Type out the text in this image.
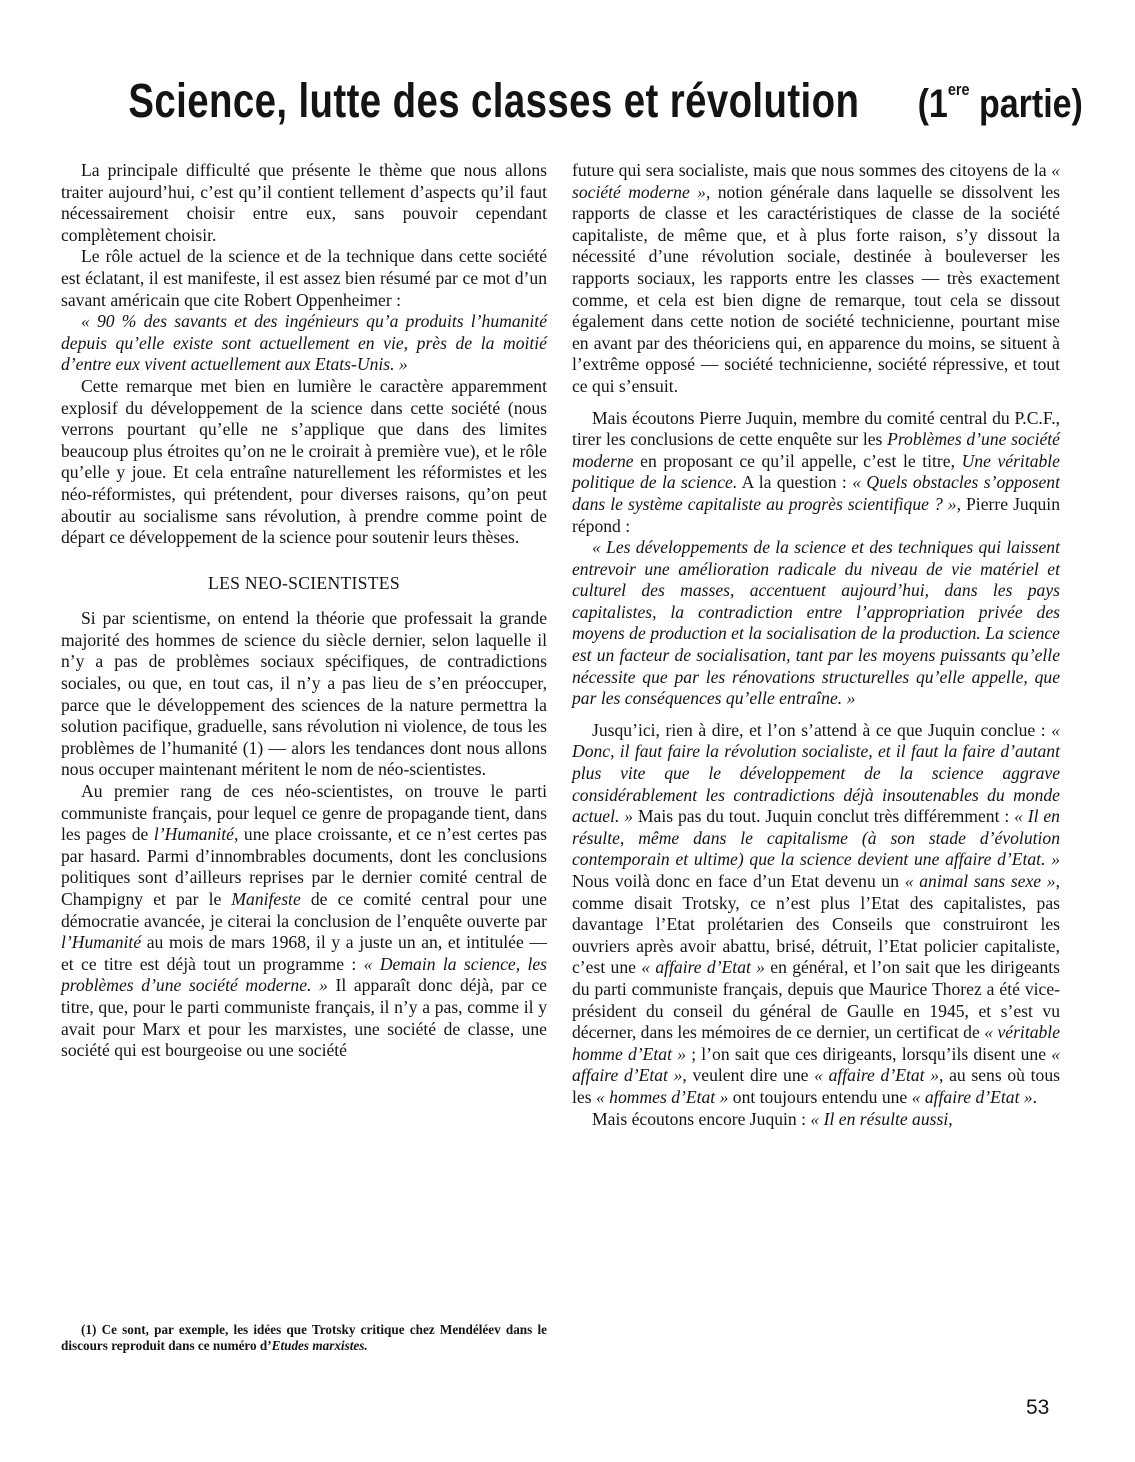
Science, lutte des classes et révolution (1ere partie)

La principale difficulté que présente le thème que nous allons traiter aujourd’hui, c’est qu’il contient tellement d’aspects qu’il faut nécessairement choisir entre eux, sans pouvoir cependant complètement choisir.

Le rôle actuel de la science et de la technique dans cette société est éclatant, il est manifeste, il est assez bien résumé par ce mot d’un savant américain que cite Robert Oppenheimer :

« 90 % des savants et des ingénieurs qu’a produits l’humanité depuis qu’elle existe sont actuellement en vie, près de la moitié d’entre eux vivent actuellement aux Etats-Unis. »

Cette remarque met bien en lumière le caractère apparemment explosif du développement de la science dans cette société (nous verrons pourtant qu’elle ne s’applique que dans des limites beaucoup plus étroites qu’on ne le croirait à première vue), et le rôle qu’elle y joue. Et cela entraîne naturellement les réformistes et les néo-réformistes, qui prétendent, pour diverses raisons, qu’on peut aboutir au socialisme sans révolution, à prendre comme point de départ ce développement de la science pour soutenir leurs thèses.

LES NEO-SCIENTISTES

Si par scientisme, on entend la théorie que professait la grande majorité des hommes de science du siècle dernier, selon laquelle il n’y a pas de problèmes sociaux spécifiques, de contradictions sociales, ou que, en tout cas, il n’y a pas lieu de s’en préoccuper, parce que le développement des sciences de la nature permettra la solution pacifique, graduelle, sans révolution ni violence, de tous les problèmes de l’humanité (1) — alors les tendances dont nous allons nous occuper maintenant méritent le nom de néo-scientistes.

Au premier rang de ces néo-scientistes, on trouve le parti communiste français, pour lequel ce genre de propagande tient, dans les pages de l’Humanité, une place croissante, et ce n’est certes pas par hasard. Parmi d’innombrables documents, dont les conclusions politiques sont d’ailleurs reprises par le dernier comité central de Champigny et par le Manifeste de ce comité central pour une démocratie avancée, je citerai la conclusion de l’enquête ouverte par l’Humanité au mois de mars 1968, il y a juste un an, et intitulée — et ce titre est déjà tout un programme : « Demain la science, les problèmes d’une société moderne. » Il apparaît donc déjà, par ce titre, que, pour le parti communiste français, il n’y a pas, comme il y avait pour Marx et pour les marxistes, une société de classe, une société qui est bourgeoise ou une société

(1) Ce sont, par exemple, les idées que Trotsky critique chez Mendéléev dans le discours reproduit dans ce numéro d’Etudes marxistes.

future qui sera socialiste, mais que nous sommes des citoyens de la « société moderne », notion générale dans laquelle se dissolvent les rapports de classe et les caractéristiques de classe de la société capitaliste, de même que, et à plus forte raison, s’y dissout la nécessité d’une révolution sociale, destinée à bouleverser les rapports sociaux, les rapports entre les classes — très exactement comme, et cela est bien digne de remarque, tout cela se dissout également dans cette notion de société technicienne, pourtant mise en avant par des théoriciens qui, en apparence du moins, se situent à l’extrême opposé — société technicienne, société répressive, et tout ce qui s’ensuit.

Mais écoutons Pierre Juquin, membre du comité central du P.C.F., tirer les conclusions de cette enquête sur les Problèmes d’une société moderne en proposant ce qu’il appelle, c’est le titre, Une véritable politique de la science. A la question : « Quels obstacles s’opposent dans le système capitaliste au progrès scientifique ? », Pierre Juquin répond :

« Les développements de la science et des techniques qui laissent entrevoir une amélioration radicale du niveau de vie matériel et culturel des masses, accentuent aujourd’hui, dans les pays capitalistes, la contradiction entre l’appropriation privée des moyens de production et la socialisation de la production. La science est un facteur de socialisation, tant par les moyens puissants qu’elle nécessite que par les rénovations structurelles qu’elle appelle, que par les conséquences qu’elle entraîne. »

Jusqu’ici, rien à dire, et l’on s’attend à ce que Juquin conclue : « Donc, il faut faire la révolution socialiste, et il faut la faire d’autant plus vite que le développement de la science aggrave considérablement les contradictions déjà insoutenables du monde actuel. » Mais pas du tout. Juquin conclut très différemment : « Il en résulte, même dans le capitalisme (à son stade d’évolution contemporain et ultime) que la science devient une affaire d’Etat. » Nous voilà donc en face d’un Etat devenu un « animal sans sexe », comme disait Trotsky, ce n’est plus l’Etat des capitalistes, pas davantage l’Etat prolétarien des Conseils que construiront les ouvriers après avoir abattu, brisé, détruit, l’Etat policier capitaliste, c’est une « affaire d’Etat » en général, et l’on sait que les dirigeants du parti communiste français, depuis que Maurice Thorez a été vice-président du conseil du général de Gaulle en 1945, et s’est vu décerner, dans les mémoires de ce dernier, un certificat de « véritable homme d’Etat » ; l’on sait que ces dirigeants, lorsqu’ils disent une « affaire d’Etat », veulent dire une « affaire d’Etat », au sens où tous les « hommes d’Etat » ont toujours entendu une « affaire d’Etat ».

Mais écoutons encore Juquin : « Il en résulte aussi,

53
